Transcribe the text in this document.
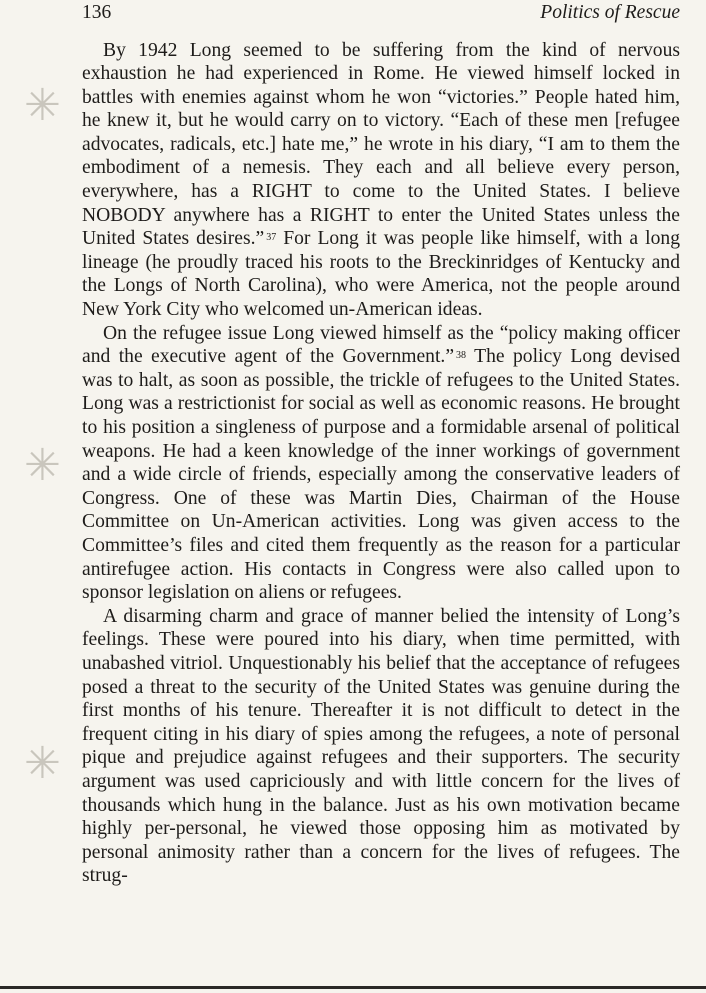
136	Politics of Rescue
✳
✳
✳

By 1942 Long seemed to be suffering from the kind of nervous exhaustion he had experienced in Rome. He viewed himself locked in battles with enemies against whom he won “victories.” People hated him, he knew it, but he would carry on to victory. “Each of these men [refugee advocates, radicals, etc.] hate me,” he wrote in his diary, “I am to them the embodiment of a nemesis. They each and all believe every person, everywhere, has a RIGHT to come to the United States. I believe NOBODY anywhere has a RIGHT to enter the United States unless the United States desires.” $^{37}$ For Long it was people like himself, with a long lineage (he proudly traced his roots to the Breckinridges of Kentucky and the Longs of North Carolina), who were America, not the people around New York City who welcomed un-American ideas.

On the refugee issue Long viewed himself as the “policy making officer and the executive agent of the Government.” $^{38}$ The policy Long devised was to halt, as soon as possible, the trickle of refugees to the United States. Long was a restrictionist for social as well as economic reasons. He brought to his position a singleness of purpose and a formidable arsenal of political weapons. He had a keen knowledge of the inner workings of government and a wide circle of friends, especially among the conservative leaders of Congress. One of these was Martin Dies, Chairman of the House Committee on Un-American activities. Long was given access to the Committee’s files and cited them frequently as the reason for a particular antirefugee action. His contacts in Congress were also called upon to sponsor legislation on aliens or refugees.

A disarming charm and grace of manner belied the intensity of Long’s feelings. These were poured into his diary, when time permitted, with unabashed vitriol. Unquestionably his belief that the acceptance of refugees posed a threat to the security of the United States was genuine during the first months of his tenure. Thereafter it is not difficult to detect in the frequent citing in his diary of spies among the refugees, a note of personal pique and prejudice against refugees and their supporters. The security argument was used capriciously and with little concern for the lives of thousands which hung in the balance. Just as his own motivation became highly per-personal, he viewed those opposing him as motivated by personal animosity rather than a concern for the lives of refugees. The strug-
